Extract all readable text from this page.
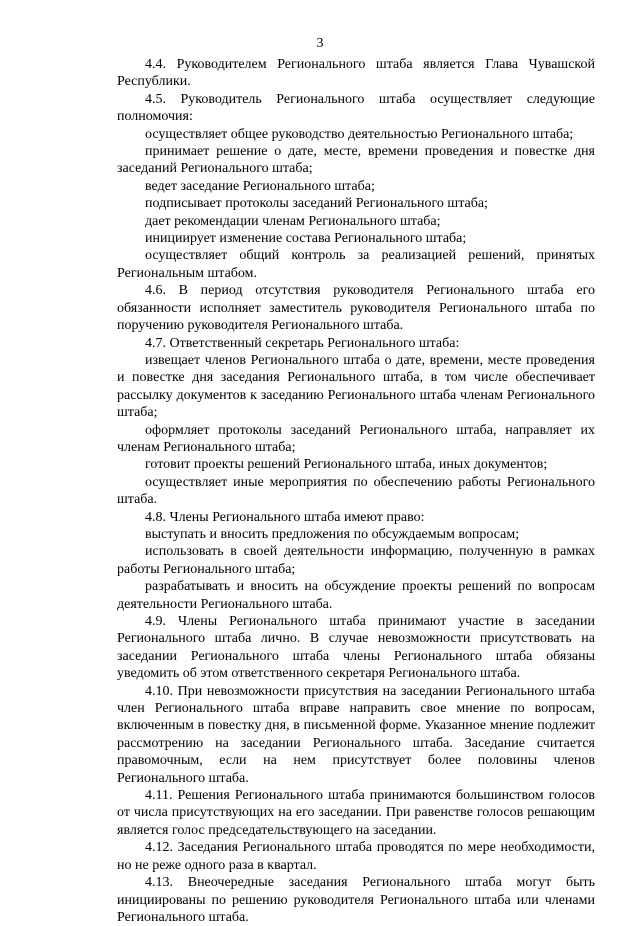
3

4.4. Руководителем Регионального штаба является Глава Чувашской Республики.

4.5. Руководитель Регионального штаба осуществляет следующие полномочия:

осуществляет общее руководство деятельностью Регионального штаба;

принимает решение о дате, месте, времени проведения и повестке дня заседаний Регионального штаба;

ведет заседание Регионального штаба;

подписывает протоколы заседаний Регионального штаба;

дает рекомендации членам Регионального штаба;

инициирует изменение состава Регионального штаба;

осуществляет общий контроль за реализацией решений, принятых Региональным штабом.

4.6. В период отсутствия руководителя Регионального штаба его обязанности исполняет заместитель руководителя Регионального штаба по поручению руководителя Регионального штаба.

4.7. Ответственный секретарь Регионального штаба:

извещает членов Регионального штаба о дате, времени, месте проведения и повестке дня заседания Регионального штаба, в том числе обеспечивает рассылку документов к заседанию Регионального штаба членам Регионального штаба;

оформляет протоколы заседаний Регионального штаба, направляет их членам Регионального штаба;

готовит проекты решений Регионального штаба, иных документов;

осуществляет иные мероприятия по обеспечению работы Регионального штаба.

4.8. Члены Регионального штаба имеют право:

выступать и вносить предложения по обсуждаемым вопросам;

использовать в своей деятельности информацию, полученную в рамках работы Регионального штаба;

разрабатывать и вносить на обсуждение проекты решений по вопросам деятельности Регионального штаба.

4.9. Члены Регионального штаба принимают участие в заседании Регионального штаба лично. В случае невозможности присутствовать на заседании Регионального штаба члены Регионального штаба обязаны уведомить об этом ответственного секретаря Регионального штаба.

4.10. При невозможности присутствия на заседании Регионального штаба член Регионального штаба вправе направить свое мнение по вопросам, включенным в повестку дня, в письменной форме. Указанное мнение подлежит рассмотрению на заседании Регионального штаба. Заседание считается правомочным, если на нем присутствует более половины членов Регионального штаба.

4.11. Решения Регионального штаба принимаются большинством голосов от числа присутствующих на его заседании. При равенстве голосов решающим является голос председательствующего на заседании.

4.12. Заседания Регионального штаба проводятся по мере необходимости, но не реже одного раза в квартал.

4.13. Внеочередные заседания Регионального штаба могут быть инициированы по решению руководителя Регионального штаба или членами Регионального штаба.
